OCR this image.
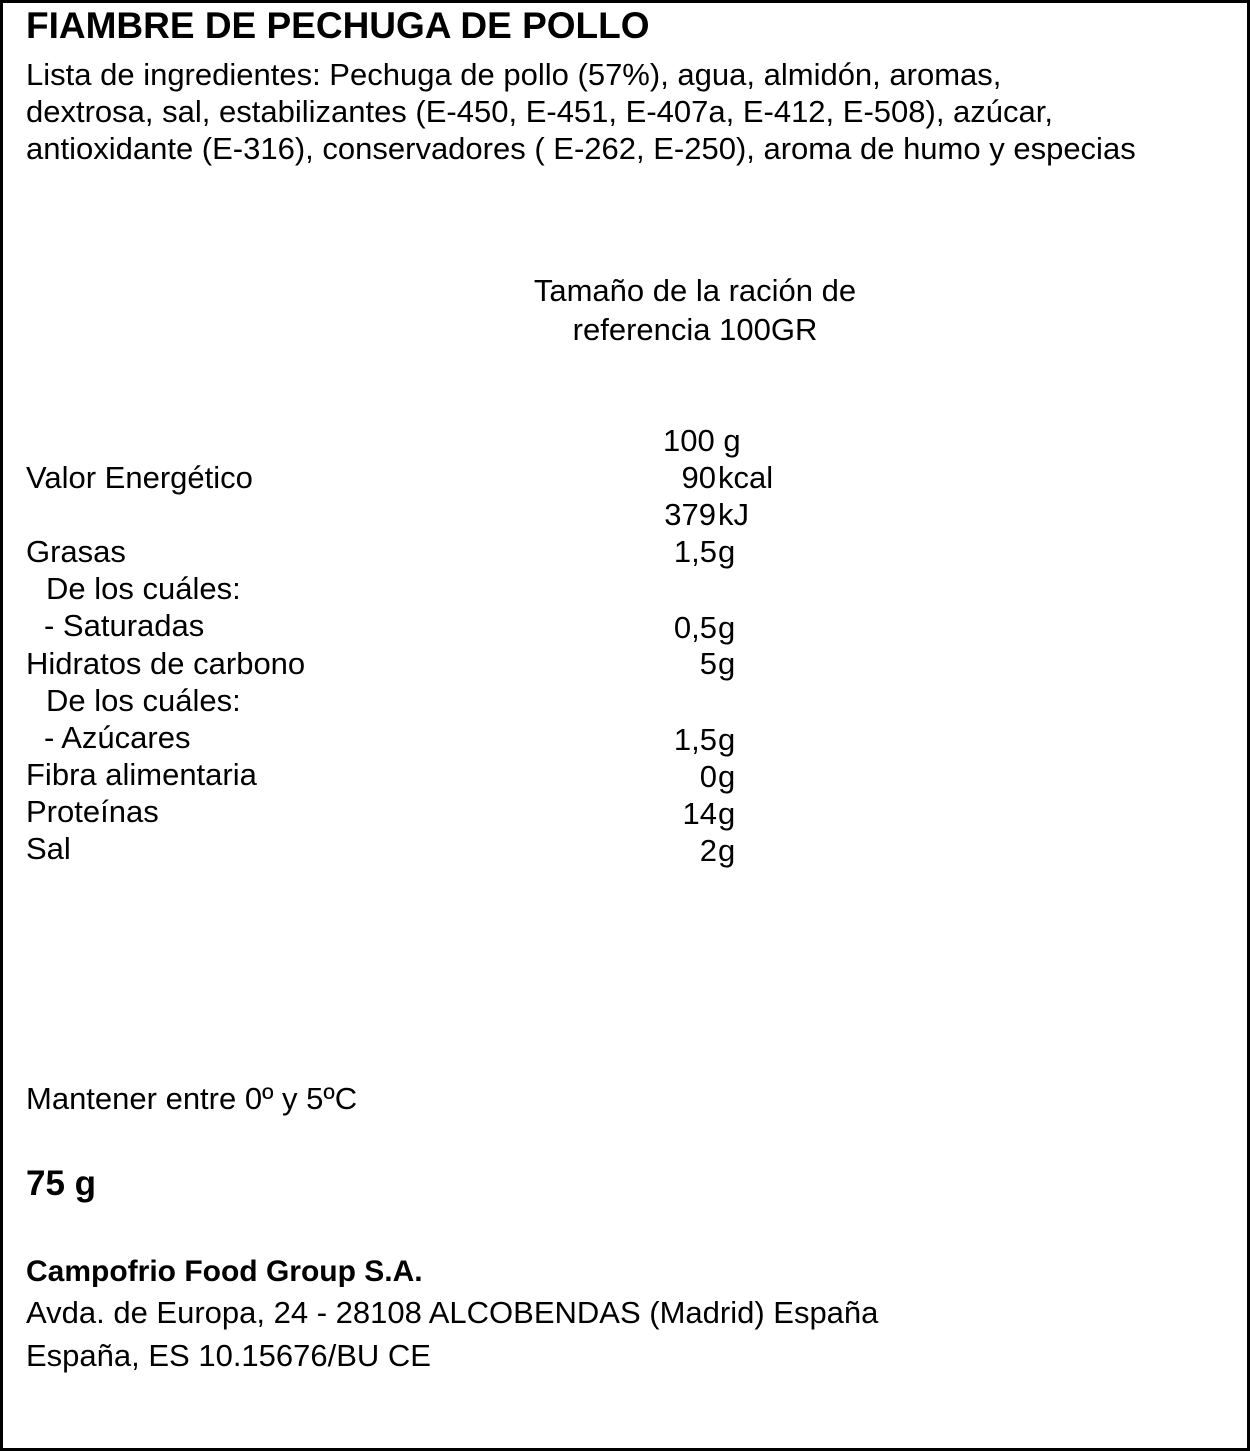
FIAMBRE DE PECHUGA DE POLLO
Lista de ingredientes: Pechuga de pollo (57%), agua, almidón, aromas,
dextrosa, sal, estabilizantes (E-450, E-451, E-407a, E-412, E-508), azúcar,
antioxidante (E-316), conservadores ( E-262, E-250), aroma de humo y especias
Tamaño de la ración de
referencia 100GR
100 g
Valor Energético	90 kcal
379 kJ
Grasas	1,5 g
De los cuáles:
- Saturadas	0,5 g
Hidratos de carbono	5 g
De los cuáles:
- Azúcares	1,5 g
Fibra alimentaria	0 g
Proteínas	14 g
Sal	2 g
Mantener entre 0º y 5ºC
75 g
Campofrio Food Group S.A.
Avda. de Europa, 24 - 28108 ALCOBENDAS (Madrid) España
España, ES 10.15676/BU CE
